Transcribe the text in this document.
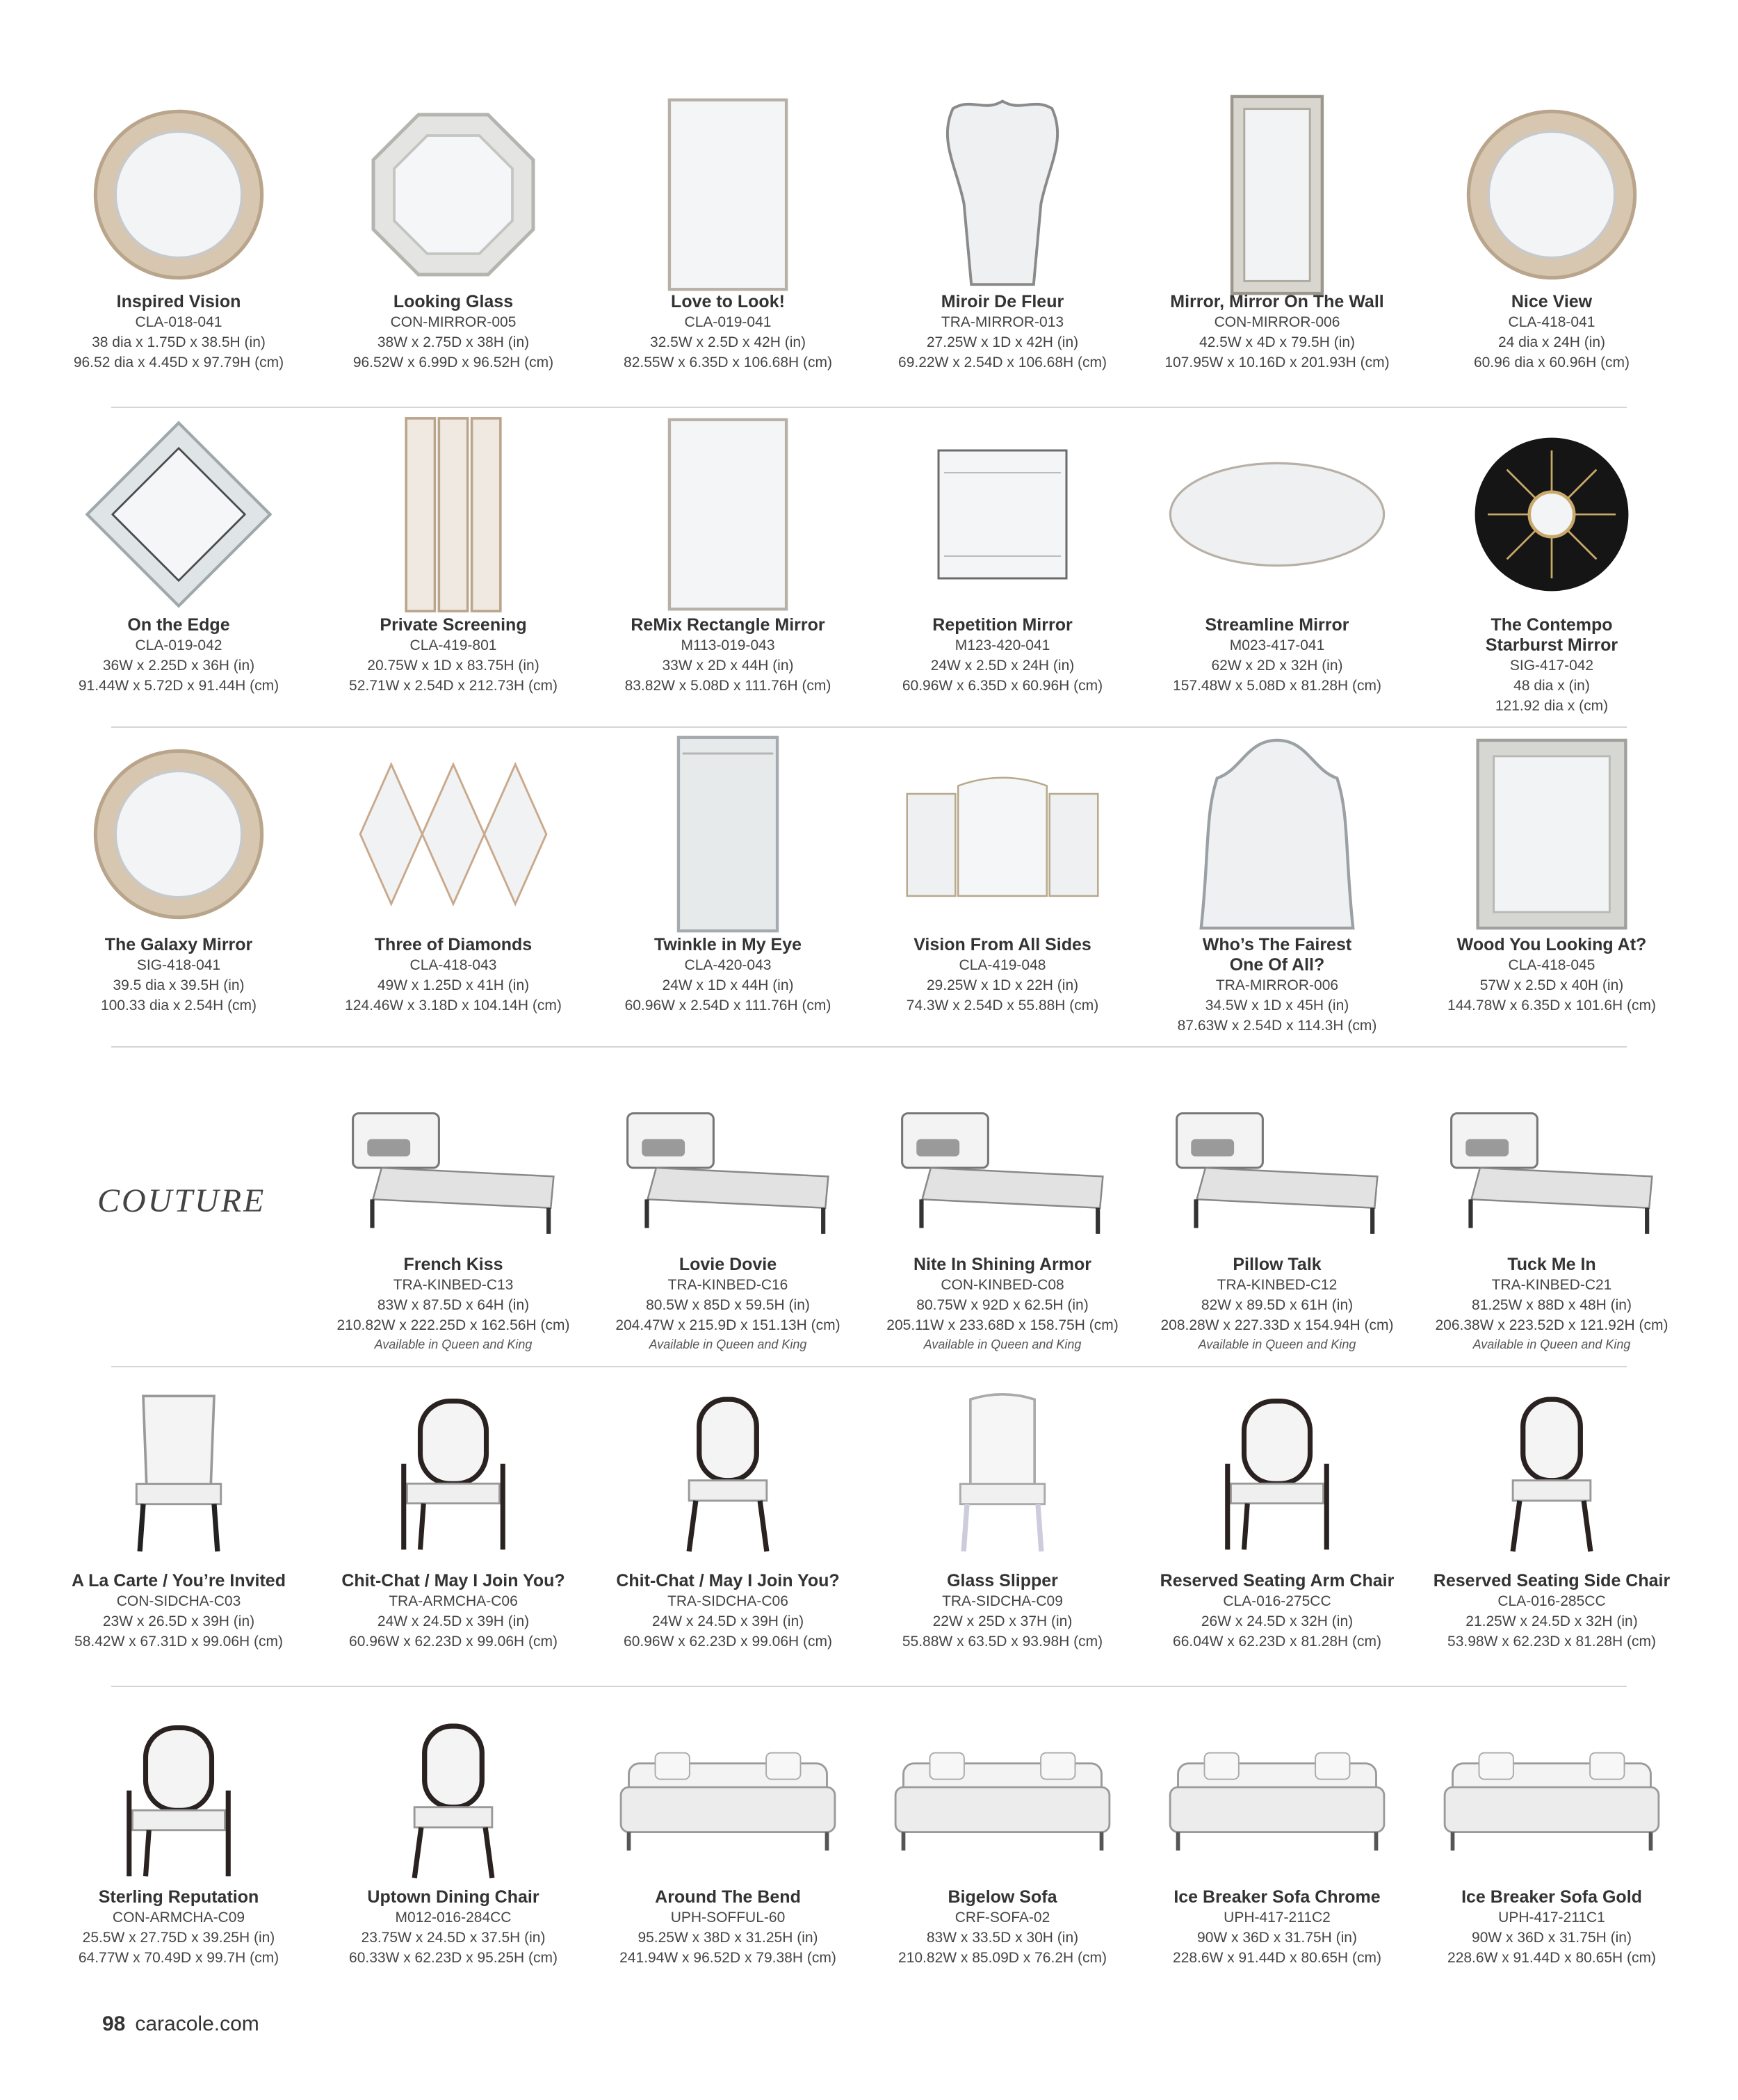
Inspired Vision
CLA-018-041
38 dia x 1.75D x 38.5H (in)
96.52 dia x 4.45D x 97.79H (cm)
Looking Glass
CON-MIRROR-005
38W x 2.75D x 38H (in)
96.52W x 6.99D x 96.52H (cm)
Love to Look!
CLA-019-041
32.5W x 2.5D x 42H (in)
82.55W x 6.35D x 106.68H (cm)
Miroir De Fleur
TRA-MIRROR-013
27.25W x 1D x 42H (in)
69.22W x 2.54D x 106.68H (cm)
Mirror, Mirror On The Wall
CON-MIRROR-006
42.5W x 4D x 79.5H (in)
107.95W x 10.16D x 201.93H (cm)
Nice View
CLA-418-041
24 dia x 24H (in)
60.96 dia x 60.96H (cm)
On the Edge
CLA-019-042
36W x 2.25D x 36H (in)
91.44W x 5.72D x 91.44H (cm)
Private Screening
CLA-419-801
20.75W x 1D x 83.75H (in)
52.71W x 2.54D x 212.73H (cm)
ReMix Rectangle Mirror
M113-019-043
33W x 2D x 44H (in)
83.82W x 5.08D x 111.76H (cm)
Repetition Mirror
M123-420-041
24W x 2.5D x 24H (in)
60.96W x 6.35D x 60.96H (cm)
Streamline Mirror
M023-417-041
62W x 2D x 32H (in)
157.48W x 5.08D x 81.28H (cm)
The Contempo
Starburst Mirror
SIG-417-042
48 dia x (in)
121.92 dia x (cm)
The Galaxy Mirror
SIG-418-041
39.5 dia x 39.5H (in)
100.33 dia x 2.54H (cm)
Three of Diamonds
CLA-418-043
49W x 1.25D x 41H (in)
124.46W x 3.18D x 104.14H (cm)
Twinkle in My Eye
CLA-420-043
24W x 1D x 44H (in)
60.96W x 2.54D x 111.76H (cm)
Vision From All Sides
CLA-419-048
29.25W x 1D x 22H (in)
74.3W x 2.54D x 55.88H (cm)
Who’s The Fairest
One Of All?
TRA-MIRROR-006
34.5W x 1D x 45H (in)
87.63W x 2.54D x 114.3H (cm)
Wood You Looking At?
CLA-418-045
57W x 2.5D x 40H (in)
144.78W x 6.35D x 101.6H (cm)
French Kiss
TRA-KINBED-C13
83W x 87.5D x 64H (in)
210.82W x 222.25D x 162.56H (cm)
Available in Queen and King
Lovie Dovie
TRA-KINBED-C16
80.5W x 85D x 59.5H (in)
204.47W x 215.9D x 151.13H (cm)
Available in Queen and King
Nite In Shining Armor
CON-KINBED-C08
80.75W x 92D x 62.5H (in)
205.11W x 233.68D x 158.75H (cm)
Available in Queen and King
Pillow Talk
TRA-KINBED-C12
82W x 89.5D x 61H (in)
208.28W x 227.33D x 154.94H (cm)
Available in Queen and King
Tuck Me In
TRA-KINBED-C21
81.25W x 88D x 48H (in)
206.38W x 223.52D x 121.92H (cm)
Available in Queen and King
A La Carte / You’re Invited
CON-SIDCHA-C03
23W x 26.5D x 39H (in)
58.42W x 67.31D x 99.06H (cm)
Chit-Chat / May I Join You?
TRA-ARMCHA-C06
24W x 24.5D x 39H (in)
60.96W x 62.23D x 99.06H (cm)
Chit-Chat / May I Join You?
TRA-SIDCHA-C06
24W x 24.5D x 39H (in)
60.96W x 62.23D x 99.06H (cm)
Glass Slipper
TRA-SIDCHA-C09
22W x 25D x 37H (in)
55.88W x 63.5D x 93.98H (cm)
Reserved Seating Arm Chair
CLA-016-275CC
26W x 24.5D x 32H (in)
66.04W x 62.23D x 81.28H (cm)
Reserved Seating Side Chair
CLA-016-285CC
21.25W x 24.5D x 32H (in)
53.98W x 62.23D x 81.28H (cm)
Sterling Reputation
CON-ARMCHA-C09
25.5W x 27.75D x 39.25H (in)
64.77W x 70.49D x 99.7H (cm)
Uptown Dining Chair
M012-016-284CC
23.75W x 24.5D x 37.5H (in)
60.33W x 62.23D x 95.25H (cm)
Around The Bend
UPH-SOFFUL-60
95.25W x 38D x 31.25H (in)
241.94W x 96.52D x 79.38H (cm)
Bigelow Sofa
CRF-SOFA-02
83W x 33.5D x 30H (in)
210.82W x 85.09D x 76.2H (cm)
Ice Breaker Sofa Chrome
UPH-417-211C2
90W x 36D x 31.75H (in)
228.6W x 91.44D x 80.65H (cm)
Ice Breaker Sofa Gold
UPH-417-211C1
90W x 36D x 31.75H (in)
228.6W x 91.44D x 80.65H (cm)
COUTURE
98 caracole.com
